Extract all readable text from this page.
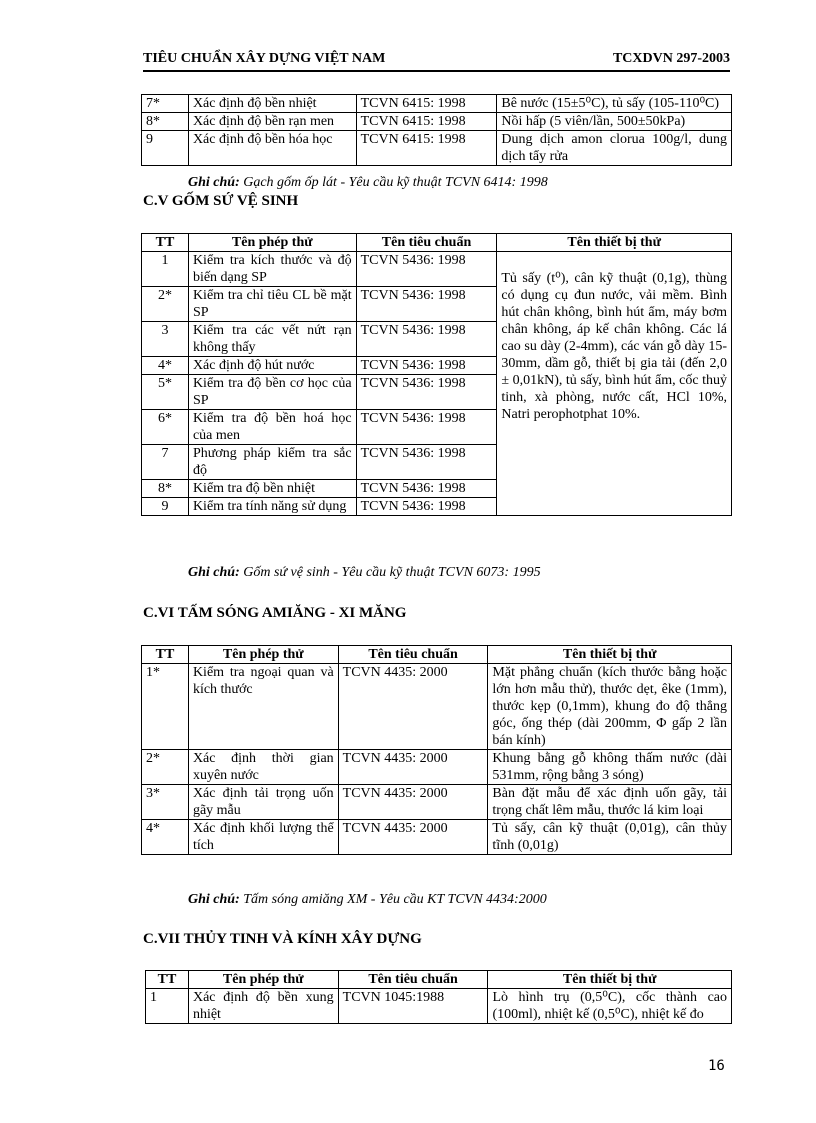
TIÊU CHUẨN XÂY DỰNG VIỆT NAM	TCXDVN 297-2003
7*	Xác định độ bền nhiệt	TCVN 6415: 1998	Bê nước (15±5⁰C), tủ sấy (105-110⁰C)
8*	Xác định độ bền rạn men	TCVN 6415: 1998	Nồi hấp (5 viên/lần, 500±50kPa)
9	Xác định độ bền hóa học	TCVN 6415: 1998	Dung dịch amon clorua 100g/l, dung dịch tẩy rửa
Ghi chú: Gạch gốm ốp lát - Yêu cầu kỹ thuật TCVN 6414: 1998
C.V GỐM SỨ VỆ SINH
TT	Tên phép thử	Tên tiêu chuẩn	Tên thiết bị thử
1	Kiểm tra kích thước và độ biến dạng SP	TCVN 5436: 1998	Tủ sấy (t⁰), cân kỹ thuật (0,1g), thùng có dụng cụ đun nước, vải mềm. Bình hút chân không, bình hút ẩm, máy bơm chân không, áp kế chân không. Các lá cao su dày (2-4mm), các ván gỗ dày 15-30mm, dầm gỗ, thiết bị gia tải (đến 2,0 ± 0,01kN), tủ sấy, bình hút ẩm, cốc thuỷ tinh, xà phòng, nước cất, HCl 10%, Natri perophotphat 10%.
2*	Kiểm tra chỉ tiêu CL bề mặt SP	TCVN 5436: 1998	
3	Kiểm tra các vết nứt rạn không thấy	TCVN 5436: 1998	
4*	Xác định độ hút nước	TCVN 5436: 1998	
5*	Kiểm tra độ bền cơ học của SP	TCVN 5436: 1998	
6*	Kiểm tra độ bền hoá học của men	TCVN 5436: 1998	
7	Phương pháp kiểm tra sắc độ	TCVN 5436: 1998	
8*	Kiểm tra độ bền nhiệt	TCVN 5436: 1998	
9	Kiểm tra tính năng sử dụng	TCVN 5436: 1998	
Ghi chú: Gốm sứ vệ sinh - Yêu cầu kỹ thuật TCVN 6073: 1995
C.VI TẤM SÓNG AMIĂNG - XI MĂNG
TT	Tên phép thử	Tên tiêu chuẩn	Tên thiết bị thử
1*	Kiểm tra ngoại quan và kích thước	TCVN 4435: 2000	Mặt phẳng chuẩn (kích thước bằng hoặc lớn hơn mẫu thử), thước dẹt, êke (1mm), thước kẹp (0,1mm), khung đo độ thẳng góc, ống thép (dài 200mm, Φ gấp 2 lần bán kính)
2*	Xác định thời gian xuyên nước	TCVN 4435: 2000	Khung bằng gỗ không thấm nước (dài 531mm, rộng bằng 3 sóng)
3*	Xác định tải trọng uốn gãy mẫu	TCVN 4435: 2000	Bàn đặt mẫu để xác định uốn gãy, tải trọng chất lêm mẫu, thước lá kim loại
4*	Xác định khối lượng thể tích	TCVN 4435: 2000	Tủ sấy, cân kỹ thuật (0,01g), cân thủy tĩnh (0,01g)
Ghi chú: Tấm sóng amiăng XM - Yêu cầu KT TCVN 4434:2000
C.VII THỦY TINH VÀ KÍNH XÂY DỰNG
TT	Tên phép thử	Tên tiêu chuẩn	Tên thiết bị thử
1	Xác định độ bền xung nhiệt	TCVN 1045:1988	Lò hình trụ (0,5⁰C), cốc thành cao (100ml), nhiệt kế (0,5⁰C), nhiệt kế đo
16
